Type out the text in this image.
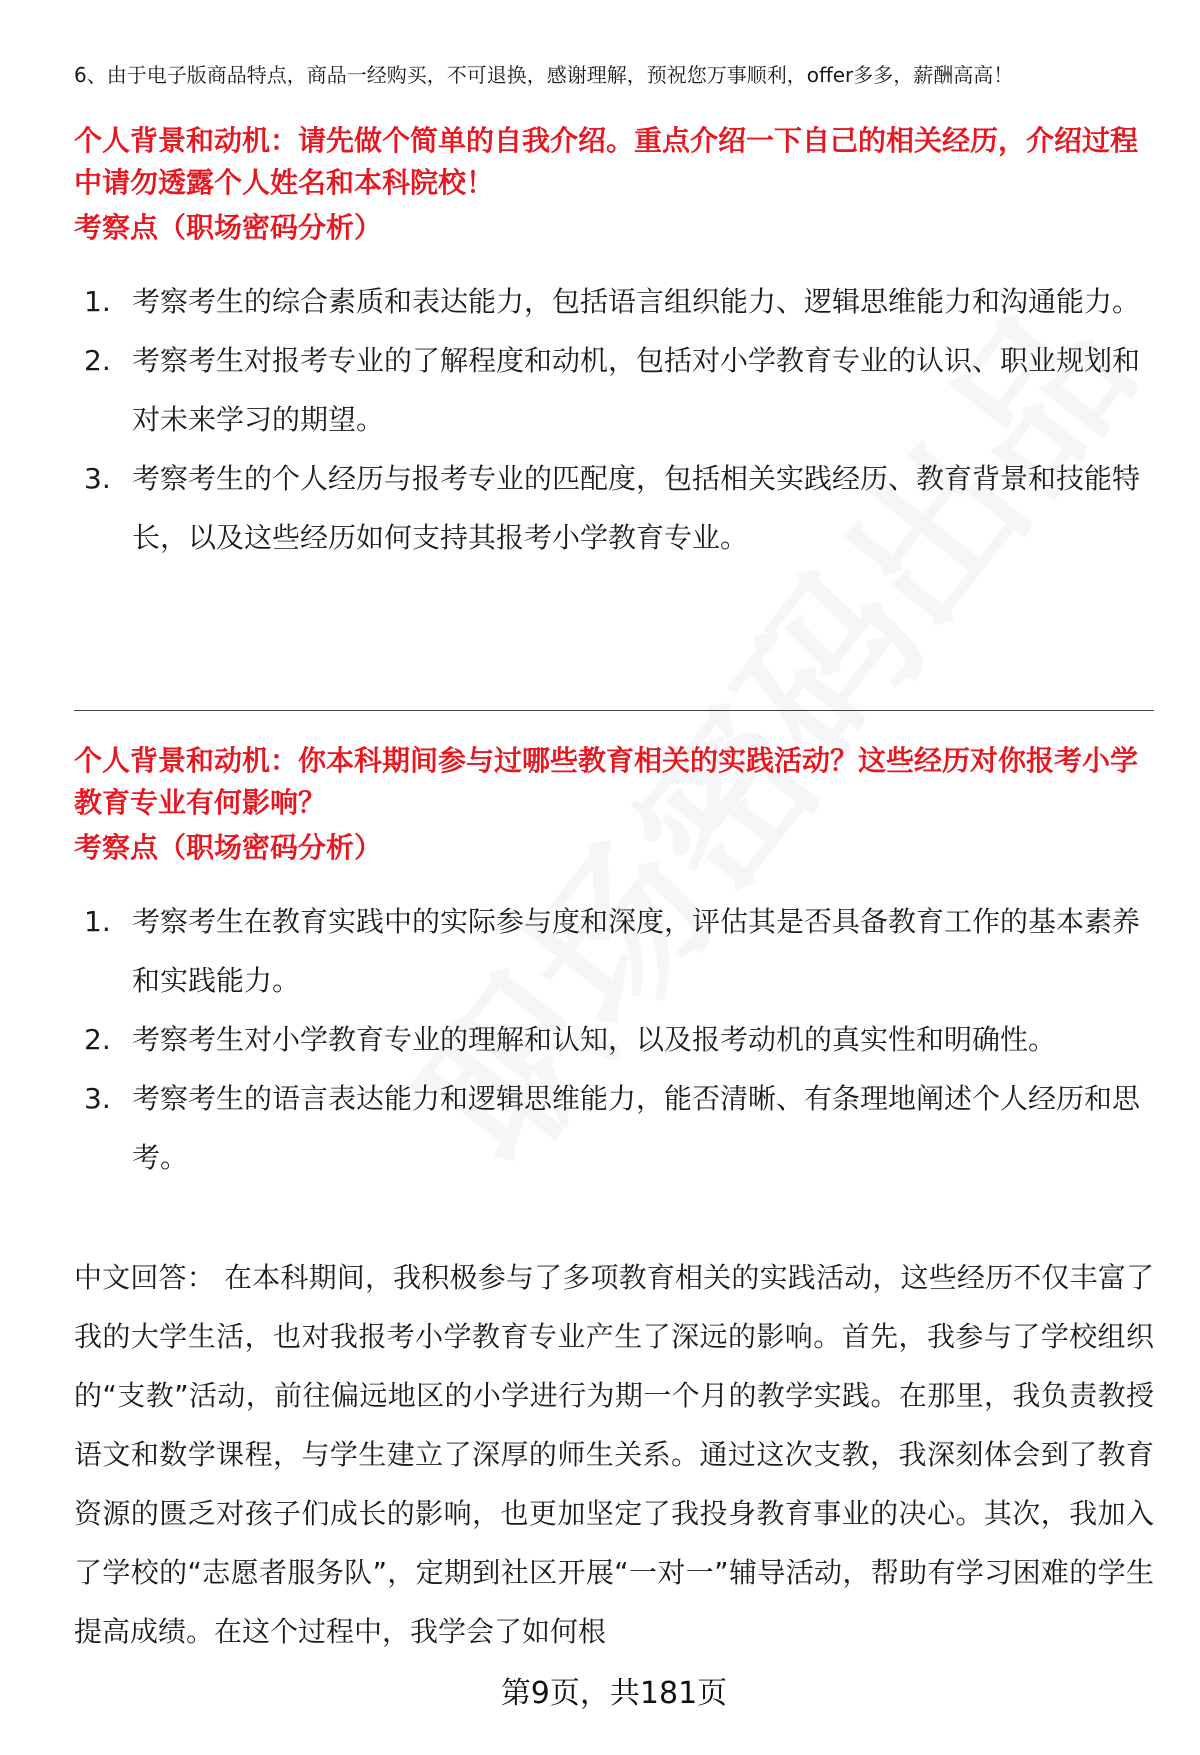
6、由于电子版商品特点，商品一经购买，不可退换，感谢理解，预祝您万事顺利，offer多多，薪酬高高！
个人背景和动机：请先做个简单的自我介绍。重点介绍一下自己的相关经历，介绍过程中请勿透露个人姓名和本科院校！
考察点（职场密码分析）
1. 考察考生的综合素质和表达能力，包括语言组织能力、逻辑思维能力和沟通能力。
2. 考察考生对报考专业的了解程度和动机，包括对小学教育专业的认识、职业规划和对未来学习的期望。
3. 考察考生的个人经历与报考专业的匹配度，包括相关实践经历、教育背景和技能特长，以及这些经历如何支持其报考小学教育专业。
个人背景和动机：你本科期间参与过哪些教育相关的实践活动？这些经历对你报考小学教育专业有何影响？
考察点（职场密码分析）
1. 考察考生在教育实践中的实际参与度和深度，评估其是否具备教育工作的基本素养和实践能力。
2. 考察考生对小学教育专业的理解和认知，以及报考动机的真实性和明确性。
3. 考察考生的语言表达能力和逻辑思维能力，能否清晰、有条理地阐述个人经历和思考。
中文回答： 在本科期间，我积极参与了多项教育相关的实践活动，这些经历不仅丰富了我的大学生活，也对我报考小学教育专业产生了深远的影响。首先，我参与了学校组织的“支教”活动，前往偏远地区的小学进行为期一个月的教学实践。在那里，我负责教授语文和数学课程，与学生建立了深厚的师生关系。通过这次支教，我深刻体会到了教育资源的匮乏对孩子们成长的影响，也更加坚定了我投身教育事业的决心。其次，我加入了学校的“志愿者服务队”，定期到社区开展“一对一”辅导活动，帮助有学习困难的学生提高成绩。在这个过程中，我学会了如何根
第9页，共181页
